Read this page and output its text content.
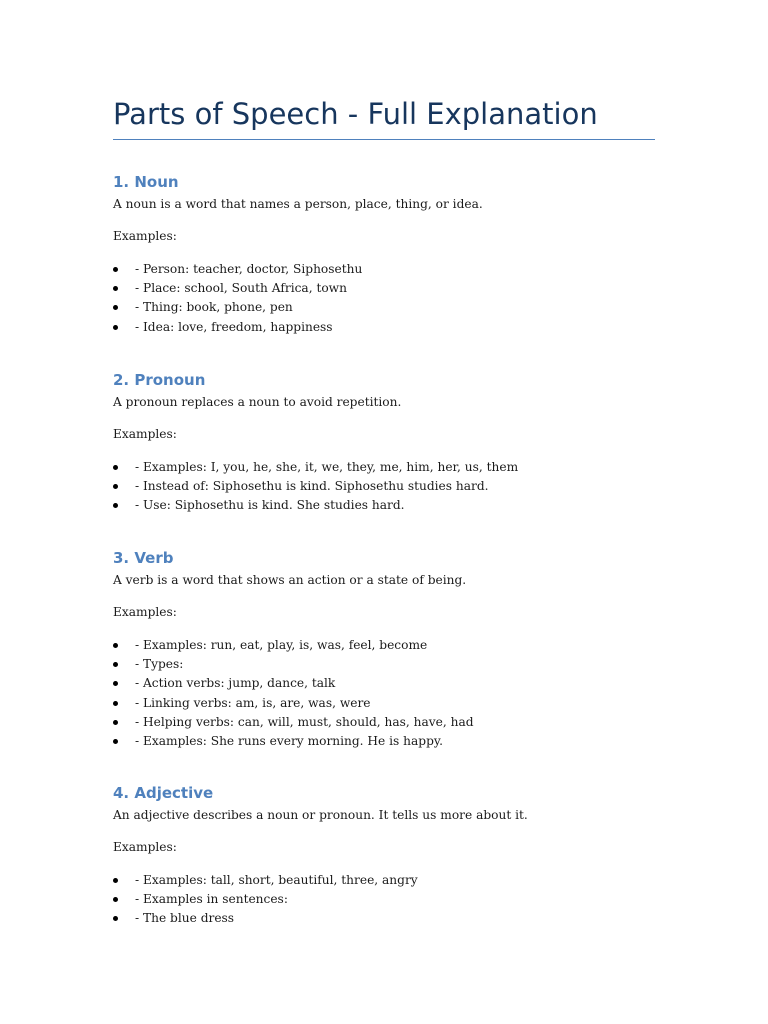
Parts of Speech - Full Explanation
1. Noun

A noun is a word that names a person, place, thing, or idea.

Examples:

- Person: teacher, doctor, Siphosethu
- Place: school, South Africa, town
- Thing: book, phone, pen
- Idea: love, freedom, happiness
2. Pronoun

A pronoun replaces a noun to avoid repetition.

Examples:

- Examples: I, you, he, she, it, we, they, me, him, her, us, them
- Instead of: Siphosethu is kind. Siphosethu studies hard.
- Use: Siphosethu is kind. She studies hard.
3. Verb

A verb is a word that shows an action or a state of being.

Examples:

- Examples: run, eat, play, is, was, feel, become
- Types:
- Action verbs: jump, dance, talk
- Linking verbs: am, is, are, was, were
- Helping verbs: can, will, must, should, has, have, had
- Examples: She runs every morning. He is happy.
4. Adjective

An adjective describes a noun or pronoun. It tells us more about it.

Examples:

- Examples: tall, short, beautiful, three, angry
- Examples in sentences:
- The blue dress
